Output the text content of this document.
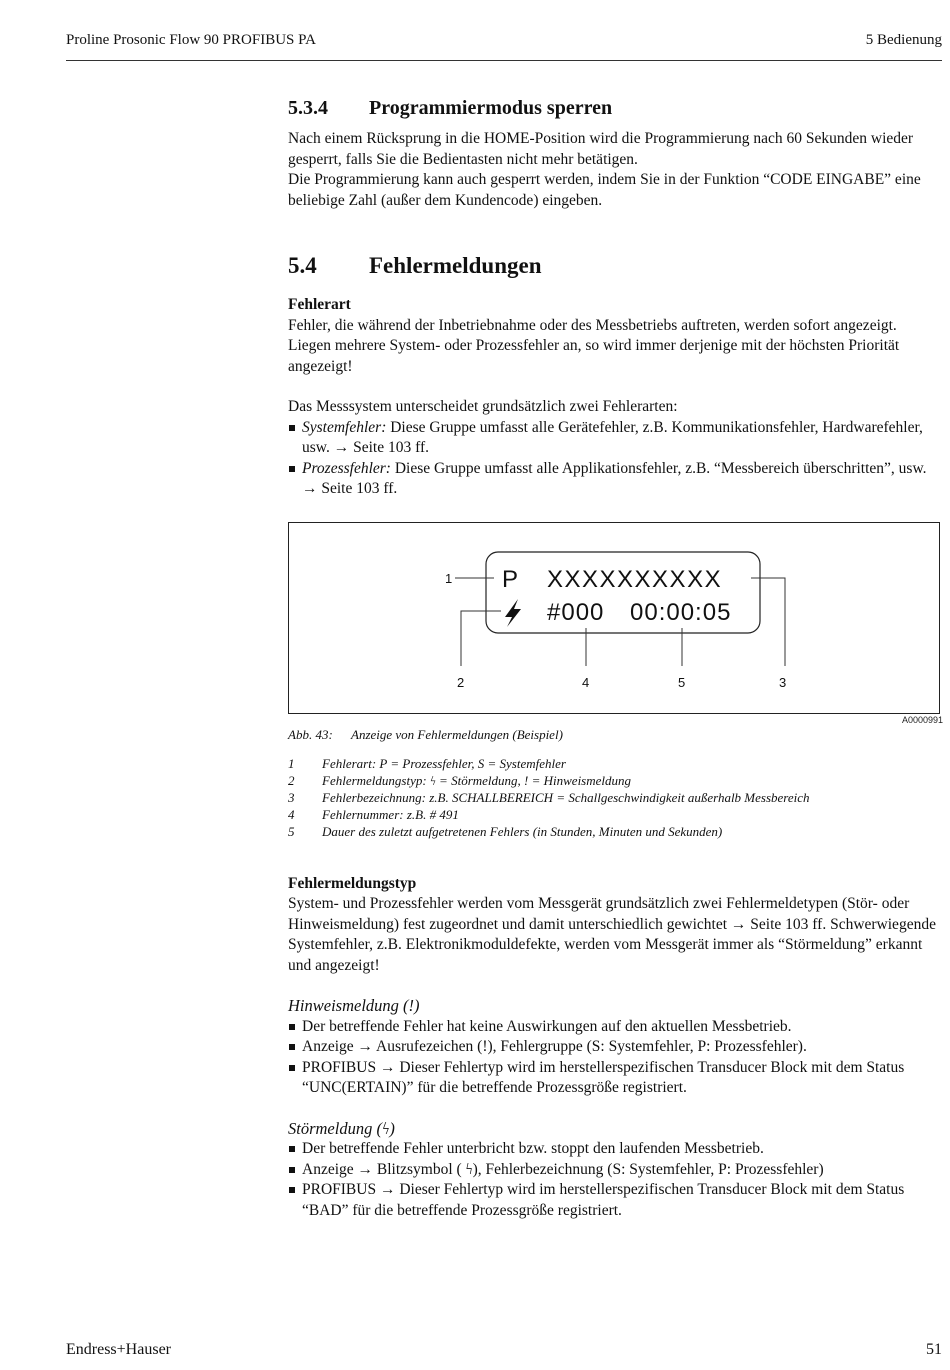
Proline Prosonic Flow 90 PROFIBUS PA	5 Bedienung
5.3.4 Programmiermodus sperren

Nach einem Rücksprung in die HOME-Position wird die Programmierung nach 60 Sekunden wieder gesperrt, falls Sie die Bedientasten nicht mehr betätigen.

Die Programmierung kann auch gesperrt werden, indem Sie in der Funktion “CODE EINGABE” eine beliebige Zahl (außer dem Kundencode) eingeben.

5.4 Fehlermeldungen

Fehlerart

Fehler, die während der Inbetriebnahme oder des Messbetriebs auftreten, werden sofort angezeigt. Liegen mehrere System- oder Prozessfehler an, so wird immer derjenige mit der höchsten Priorität angezeigt!

Das Messsystem unterscheidet grundsätzlich zwei Fehlerarten:

Systemfehler: Diese Gruppe umfasst alle Gerätefehler, z.B. Kommunikationsfehler, Hardwarefehler, usw. → Seite 103 ff.
Prozessfehler: Diese Gruppe umfasst alle Applikationsfehler, z.B. “Messbereich überschritten”, usw. → Seite 103 ff.
P XXXXXXXXXX
#000 00:00:05
1
2	4	5	3
A0000991
Abb. 43: Anzeige von Fehlermeldungen (Beispiel)
1 Fehlerart: P = Prozessfehler, S = Systemfehler
2 Fehlermeldungstyp: ϟ = Störmeldung, ! = Hinweismeldung
3 Fehlerbezeichnung: z.B. SCHALLBEREICH = Schallgeschwindigkeit außerhalb Messbereich
4 Fehlernummer: z.B. # 491
5 Dauer des zuletzt aufgetretenen Fehlers (in Stunden, Minuten und Sekunden)

Fehlermeldungstyp

System- und Prozessfehler werden vom Messgerät grundsätzlich zwei Fehlermeldetypen (Stör- oder Hinweismeldung) fest zugeordnet und damit unterschiedlich gewichtet → Seite 103 ff. Schwerwiegende Systemfehler, z.B. Elektronikmoduldefekte, werden vom Messgerät immer als “Störmeldung” erkannt und angezeigt!

Hinweismeldung (!)

Der betreffende Fehler hat keine Auswirkungen auf den aktuellen Messbetrieb.
Anzeige → Ausrufezeichen (!), Fehlergruppe (S: Systemfehler, P: Prozessfehler).
PROFIBUS → Dieser Fehlertyp wird im herstellerspezifischen Transducer Block mit dem Status “UNC(ERTAIN)” für die betreffende Prozessgröße registriert.

Störmeldung (ϟ)

Der betreffende Fehler unterbricht bzw. stoppt den laufenden Messbetrieb.
Anzeige → Blitzsymbol ( ϟ), Fehlerbezeichnung (S: Systemfehler, P: Prozessfehler)
PROFIBUS → Dieser Fehlertyp wird im herstellerspezifischen Transducer Block mit dem Status “BAD” für die betreffende Prozessgröße registriert.
Endress+Hauser	51
